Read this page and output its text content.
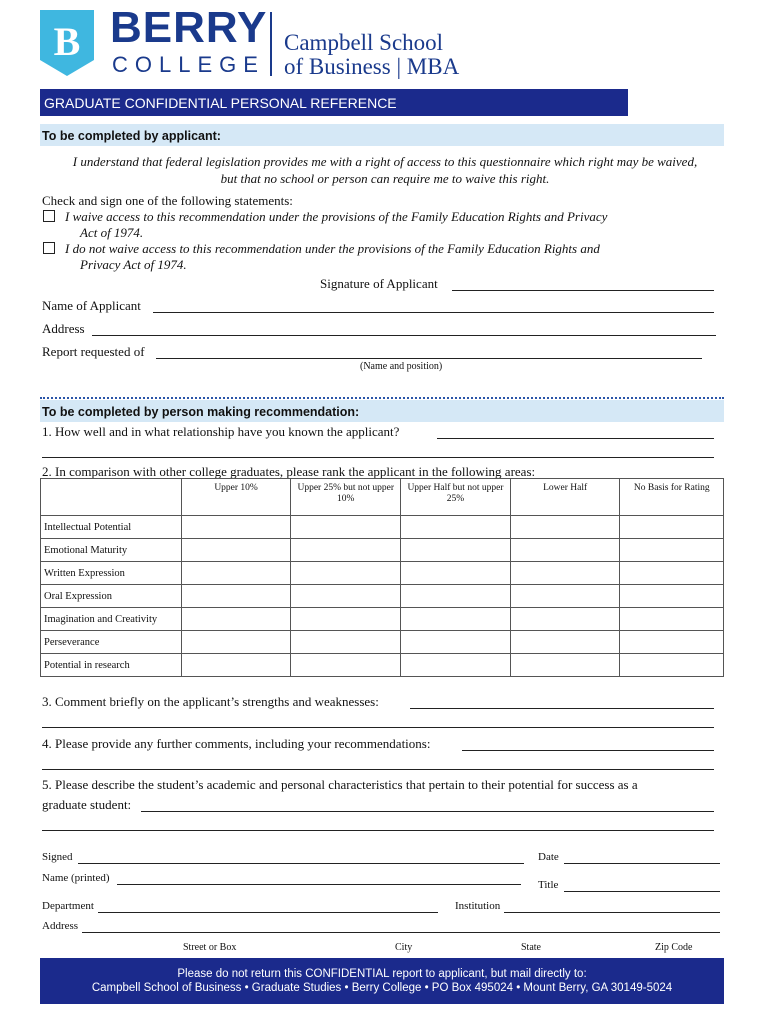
B BERRY
COLLEGE
Campbell School
of Business | MBA
GRADUATE CONFIDENTIAL PERSONAL REFERENCE
To be completed by applicant:
I understand that federal legislation provides me with a right of access to this questionnaire which right may be waived,
but that no school or person can require me to waive this right.
Check and sign one of the following statements:
I waive access to this recommendation under the provisions of the Family Education Rights and Privacy
Act of 1974.
I do not waive access to this recommendation under the provisions of the Family Education Rights and
Privacy Act of 1974.
Signature of Applicant
Name of Applicant
Address
Report requested of
(Name and position)
To be completed by person making recommendation:
1. How well and in what relationship have you known the applicant?
2. In comparison with other college graduates, please rank the applicant in the following areas:
	Upper 10%	Upper 25% but not upper 10%	Upper Half but not upper 25%	Lower Half	No Basis for Rating
Intellectual Potential					
Emotional Maturity					
Written Expression					
Oral Expression					
Imagination and Creativity					
Perseverance					
Potential in research					
3. Comment briefly on the applicant’s strengths and weaknesses:
4. Please provide any further comments, including your recommendations:
5. Please describe the student’s academic and personal characteristics that pertain to their potential for success as a
graduate student:
Signed	Date
Name (printed)
Title
Department	Institution
Address
Street or Box	City	State	Zip Code
Please do not return this CONFIDENTIAL report to applicant, but mail directly to:
Campbell School of Business • Graduate Studies • Berry College • PO Box 495024 • Mount Berry, GA 30149-5024
